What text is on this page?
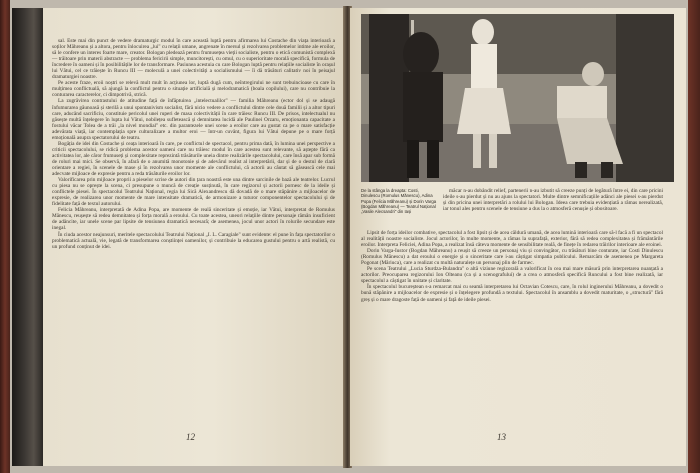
sal. Este mai din punct de vedere dramaturgic modul în care această luptă pentru afirmarea lui Costache din viața interioară a soților Măhreanu și a altora, pentru înlocuirea „lui" cu relații umane, angrenate în mersul și rezolvarea problemelor intime ale eroilor, să le confere un interes foarte mare, creator. Bologan pledează pentru frumusețea vieții socialiste, pentru o etică comunistă complexă — trăitoare prin materii abstracte — problema fericirii simple, muncitorești, cu omul, cu o superioritate morală specifică, formula de încredere în oameni și în posibilitățile lor de transformare. Pasiunea acestuia cu care Bologan luptă pentru relațiile socialiste în orașul lui Vătui, cel ce trăiește în Runcu III — moleculă a unei colectivități a socialismului — îi dă trăsături calitativ noi în peisajul dramaturgiei noastre.

Pe aceste fraze, eroii noștri se relevă mult mult în acțiunea lor, luptă dugă cum, neîntregirului ne sunt trebuincioase cu care în mulțimea conflictuală, să ajungă la conflictul pentru o situație artificială și melodramatică (boala copilului), care nu contribuie la conturarea caracterelor, ci dimpotrivă, strică.

La zugrăvirea contrastului de atitudine față de înfăptuirea „intelectualilor" — familia Măhreanu (ector dol și se adaugă înfumurarea găunoasă și sterilă a unui spontanivism socialist, fără nicio vedere a conflictului dintre cele două familii și a altor tipuri care, aducând sacrificiu, constituie pericolul unei ruperi de masa colectivității în care trăiesc Runcu III. De prisos, intelectualul nu găsește multă înțelegere în lupta lui Vătui, nobilețea sufletească și demnitatea lucidă ale Paulinei Orzaru, emoționanta capacitate a fostului văcar Tolea de a trăi „la nivel mondial" etc. din parantezele unei scene a eroilor care au gustat ca pe o mare satisfacție adevărata viață, iar contemplația spre culturalizare a multor eroi — într-un cuvânt, figura lui Vătui depune pe o mare forță emoțională asupra spectatorului de teatru.

Bogăția de idei din Costache și ceața interioară în care, pe conflictul de spectacol, pentru prima dată, în lumina unei perspective a criticii spectacolului, se ridică problema acestor oameni care nu trăiesc modul în care acestea sunt relevante, să aștepte fără ca activitatea lor, ale căror frumuseți și complexitate reprezintă trăsăturile uneia dintre realizările spectacolului, care însă apar sub formă de roluri mai mici. Se observă, în afară de o anumită monotonie și de adevărul realist al interpretării, dar și de o destul de clară orientare a regiei, în scenele de mase și în rezolvarea unor momente ale conflictului, că actorii au căutat să găsească cele mai adecvate mijloace de expresie pentru a reda trăsăturile eroilor lor.

Valorificarea prin mijloace proprii a pieselor scrise de autori din țara noastră este una dintre sarcinile de bază ale teatrelor. Lucrul cu piesa nu se oprește la scena, ci presupune o muncă de creație susținută, în care regizorul și actorii pornesc de la ideile și conflictele piesei. În spectacolul Teatrului Național, regia lui Sică Alexandrescu dă dovadă de o mare stăpânire a mijloacelor de expresie, de realizarea unor momente de mare intensitate dramatică, de armonizare a tuturor componentelor spectacolului și de fidelitate față de textul autorului.

Felicia Măhreanu, interpretată de Adina Popa, are momente de reală sinceritate și emoție, iar Vătui, interpretat de Romulus Mănescu, reușește să redea demnitatea și forța morală a eroului. Cu toate acestea, uneori relațiile dintre personaje rămân insuficient de adâncite, iar unele scene par lipsite de tensiunea dramatică necesară; de asemenea, jocul unor actori în rolurile secundare este inegal.

În ciuda acestor neajunsuri, meritele spectacolului Teatrului Național „I. L. Caragiale" sunt evidente: el pune în fața spectatorilor o problematică actuală, vie, legată de transformarea conștiinței oamenilor, și contribuie la educarea gustului pentru o artă realistă, cu un profund conținut de idei.

12
De la stânga la dreapta: Costi, Dinulescu (Romulus Mănescu), Adina Popa (Felicia Măhreanu) și Dorin Varga (Bogdan Măhreanu) — Teatrul Național „Vasile Alecsandri" din Iași

măcar n-au dobândit relief, partenerii n-au izbutit să creeze punți de legătură între ei, din care pricini ideile s-au pierdut și nu au ajuns la spectatori. Multe dintre semnificațiile adânci ale piesei s-au pierdut și din pricina unei interpretări a rolului lui Bologan. Ideea care trebuia evidențiată a rămas nerealizată, iar tonul ales pentru scenele de tensiune a dus la o atmosferă cenușie și obositoare.

Lipsit de forța ideilor combative, spectacolul a fost lipsit și de acea căldură umană, de acea lumină interioară care să-l facă a fi un spectacol al realității noastre socialiste. Jocul actorilor, în multe momente, a rămas la suprafață, exterior, fără să redea complexitatea și frământările eroilor. Interpreta Feliciei, Adina Popa, a realizat însă câteva momente de sensibilitate reală, de finețe în redarea trăirilor interioare ale eroinei.

Dorin Varga-Iustor (Bogdan Măhreanu) a reușit să creeze un personaj viu și convingător, cu trăsături bine conturate, iar Costi Dinulescu (Romulus Mănescu) a dat eroului o energie și o sinceritate care i-au câștigat simpatia publicului. Remarcăm de asemenea pe Margareta Pogonat (Măriuca), care a realizat cu multă naturalețe un personaj plin de farmec.

Pe scena Teatrului „Lucia Sturdza-Bulandra" o altă viziune regizorală a valorificat în cea mai mare măsură prin interpretarea nuanțată a actorilor. Preocuparea regizorului Ion Olteanu (ca și a scenografului) de a crea o atmosferă specifică Runcului a fost bine realizată, iar spectacolul a câștigat în unitate și claritate.

În spectacolul bucureștean s-a remarcat mai cu seamă interpretarea lui Octavian Cotescu, care, în rolul inginerului Măhreanu, a dovedit o bună stăpânire a mijloacelor de expresie și o înțelegere profundă a textului. Spectacolul în ansamblu a dovedit maturitate, o „structură" fără greș și o mare dragoste față de oameni și față de ideile piesei.

13
